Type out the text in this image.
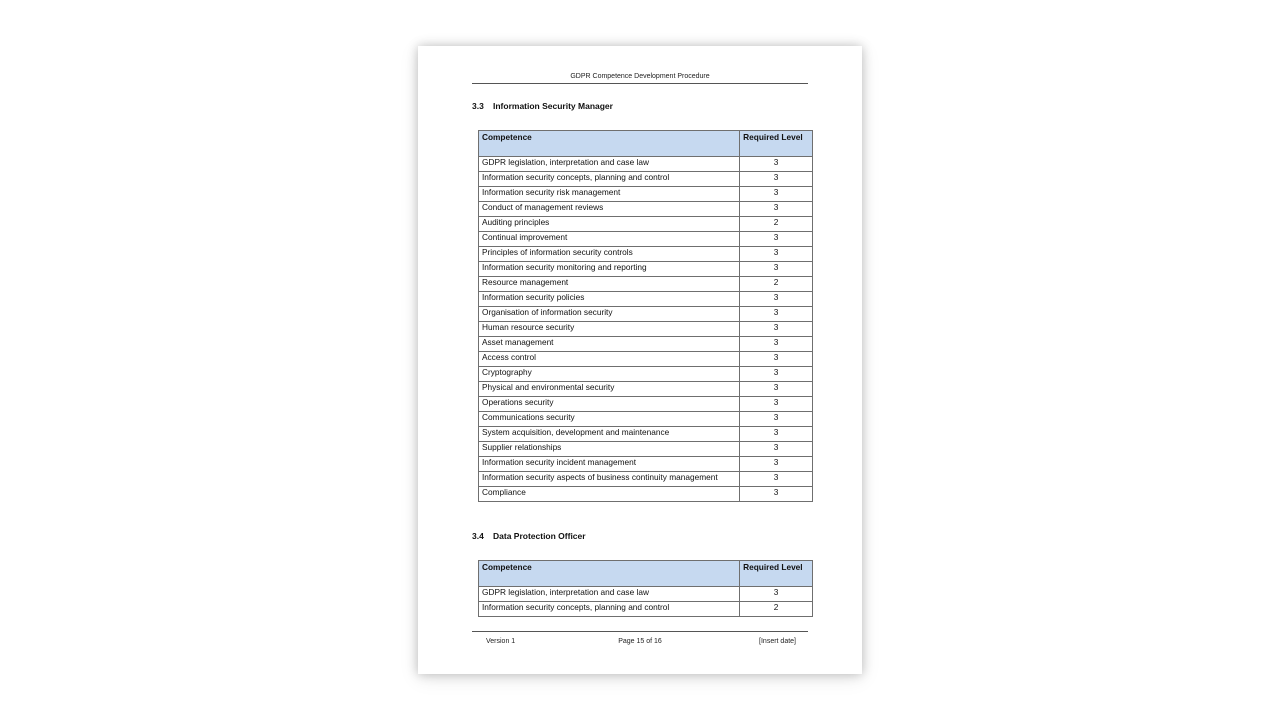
GDPR Competence Development Procedure
3.3 Information Security Manager
Competence	Required Level
GDPR legislation, interpretation and case law	3
Information security concepts, planning and control	3
Information security risk management	3
Conduct of management reviews	3
Auditing principles	2
Continual improvement	3
Principles of information security controls	3
Information security monitoring and reporting	3
Resource management	2
Information security policies	3
Organisation of information security	3
Human resource security	3
Asset management	3
Access control	3
Cryptography	3
Physical and environmental security	3
Operations security	3
Communications security	3
System acquisition, development and maintenance	3
Supplier relationships	3
Information security incident management	3
Information security aspects of business continuity management	3
Compliance	3
3.4 Data Protection Officer
Competence	Required Level
GDPR legislation, interpretation and case law	3
Information security concepts, planning and control	2
Version 1	Page 15 of 16	[Insert date]
